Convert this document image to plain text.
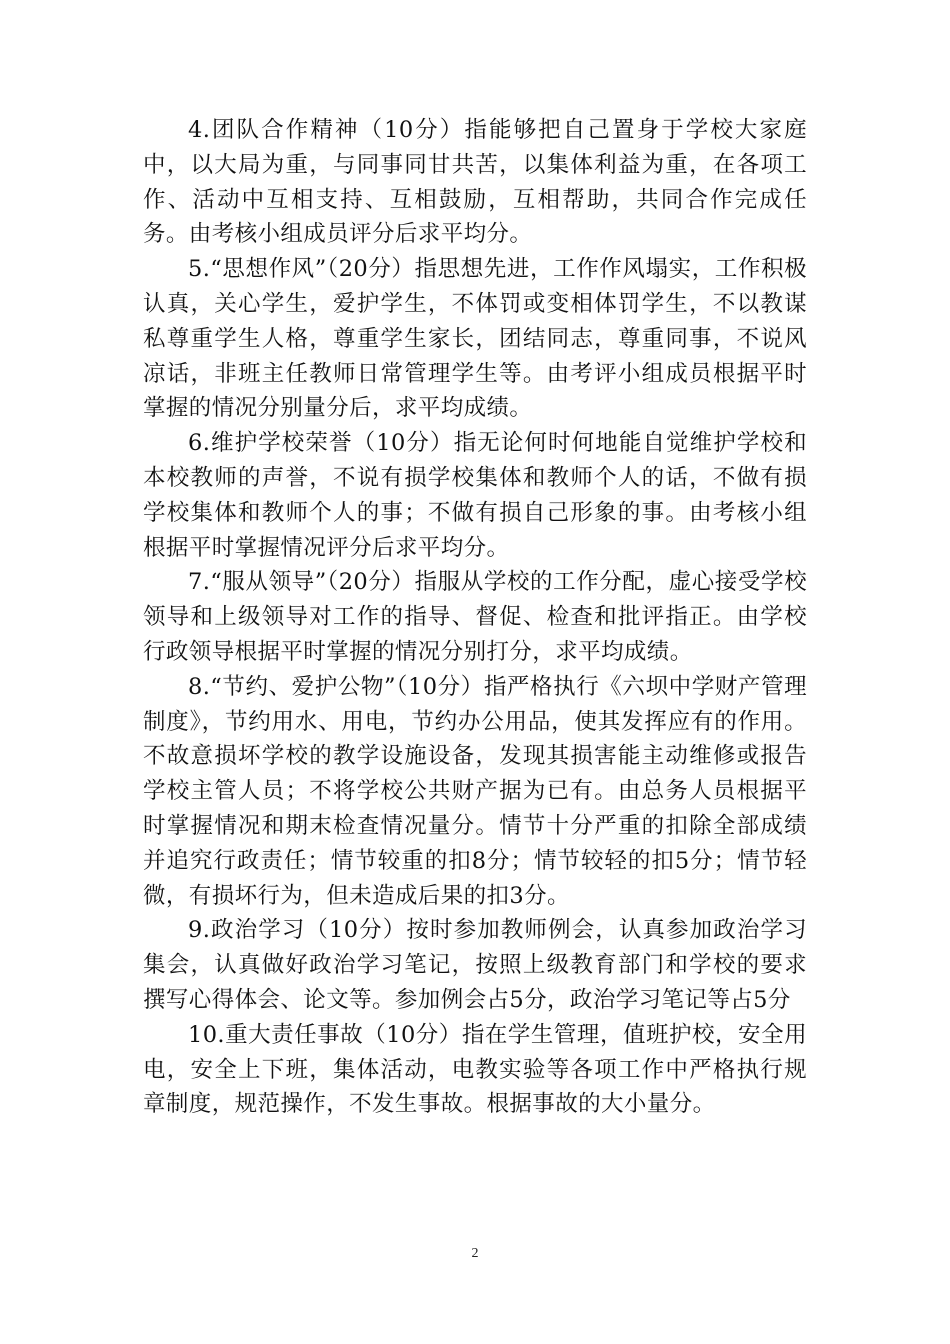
4.团队合作精神（10分）指能够把自己置身于学校大家庭中，以大局为重，与同事同甘共苦，以集体利益为重，在各项工作、活动中互相支持、互相鼓励，互相帮助，共同合作完成任务。由考核小组成员评分后求平均分。

5.“思想作风”（20分）指思想先进，工作作风塌实，工作积极认真，关心学生，爱护学生，不体罚或变相体罚学生，不以教谋私尊重学生人格，尊重学生家长，团结同志，尊重同事，不说风凉话，非班主任教师日常管理学生等。由考评小组成员根据平时掌握的情况分别量分后，求平均成绩。

6.维护学校荣誉（10分）指无论何时何地能自觉维护学校和本校教师的声誉，不说有损学校集体和教师个人的话，不做有损学校集体和教师个人的事；不做有损自己形象的事。由考核小组根据平时掌握情况评分后求平均分。

7.“服从领导”（20分）指服从学校的工作分配，虚心接受学校领导和上级领导对工作的指导、督促、检查和批评指正。由学校行政领导根据平时掌握的情况分别打分，求平均成绩。

8.“节约、爱护公物”（10分）指严格执行《六坝中学财产管理制度》，节约用水、用电，节约办公用品，使其发挥应有的作用。不故意损坏学校的教学设施设备，发现其损害能主动维修或报告学校主管人员；不将学校公共财产据为已有。由总务人员根据平时掌握情况和期末检查情况量分。情节十分严重的扣除全部成绩并追究行政责任；情节较重的扣8分；情节较轻的扣5分；情节轻微，有损坏行为，但未造成后果的扣3分。

9.政治学习（10分）按时参加教师例会，认真参加政治学习集会，认真做好政治学习笔记，按照上级教育部门和学校的要求撰写心得体会、论文等。参加例会占5分，政治学习笔记等占5分

10.重大责任事故（10分）指在学生管理，值班护校，安全用电，安全上下班，集体活动，电教实验等各项工作中严格执行规章制度，规范操作，不发生事故。根据事故的大小量分。

2
